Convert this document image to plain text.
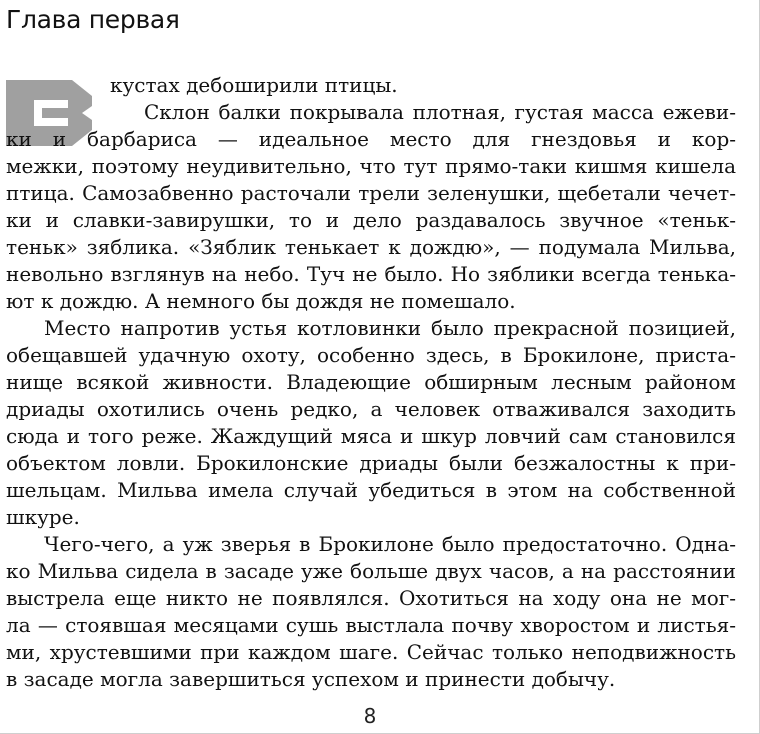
Глава первая
кустах дебоширили птицы.
Склон балки покрывала плотная, густая масса ежеви-
ки и барбариса — идеальное место для гнездовья и кор-
межки, поэтому неудивительно, что тут прямо-таки кишмя кишела
птица. Самозабвенно расточали трели зеленушки, щебетали чечет-
ки и славки-завирушки, то и дело раздавалось звучное «теньк-
теньк» зяблика. «Зяблик тенькает к дождю», — подумала Мильва,
невольно взглянув на небо. Туч не было. Но зяблики всегда тенька-
ют к дождю. А немного бы дождя не помешало.
Место напротив устья котловинки было прекрасной позицией,
обещавшей удачную охоту, особенно здесь, в Брокилоне, приста-
нище всякой живности. Владеющие обширным лесным районом
дриады охотились очень редко, а человек отваживался заходить
сюда и того реже. Жаждущий мяса и шкур ловчий сам становился
объектом ловли. Брокилонские дриады были безжалостны к при-
шельцам. Мильва имела случай убедиться в этом на собственной
шкуре.
Чего-чего, а уж зверья в Брокилоне было предостаточно. Одна-
ко Мильва сидела в засаде уже больше двух часов, а на расстоянии
выстрела еще никто не появлялся. Охотиться на ходу она не мог-
ла — стоявшая месяцами сушь выстлала почву хворостом и листья-
ми, хрустевшими при каждом шаге. Сейчас только неподвижность
в засаде могла завершиться успехом и принести добычу.
8
